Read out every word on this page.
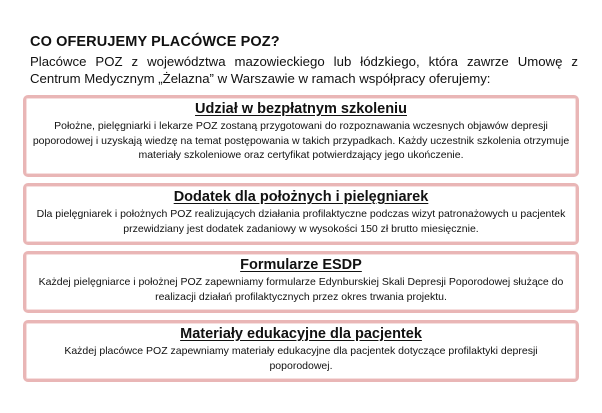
CO OFERUJEMY PLACÓWCE POZ?
Placówce POZ z województwa mazowieckiego lub łódzkiego, która zawrze Umowę z Centrum Medycznym „Żelazna” w Warszawie w ramach współpracy oferujemy:
Udział w bezpłatnym szkoleniu
Położne, pielęgniarki i lekarze POZ zostaną przygotowani do rozpoznawania wczesnych objawów depresji poporodowej i uzyskają wiedzę na temat postępowania w takich przypadkach. Każdy uczestnik szkolenia otrzymuje materiały szkoleniowe oraz certyfikat potwierdzający jego ukończenie.
Dodatek dla położnych i pielęgniarek
Dla pielęgniarek i położnych POZ realizujących działania profilaktyczne podczas wizyt patronażowych u pacjentek przewidziany jest dodatek zadaniowy w wysokości 150 zł brutto miesięcznie.
Formularze ESDP
Każdej pielęgniarce i położnej POZ zapewniamy formularze Edynburskiej Skali Depresji Poporodowej służące do realizacji działań profilaktycznych przez okres trwania projektu.
Materiały edukacyjne dla pacjentek
Każdej placówce POZ zapewniamy materiały edukacyjne dla pacjentek dotyczące profilaktyki depresji poporodowej.
